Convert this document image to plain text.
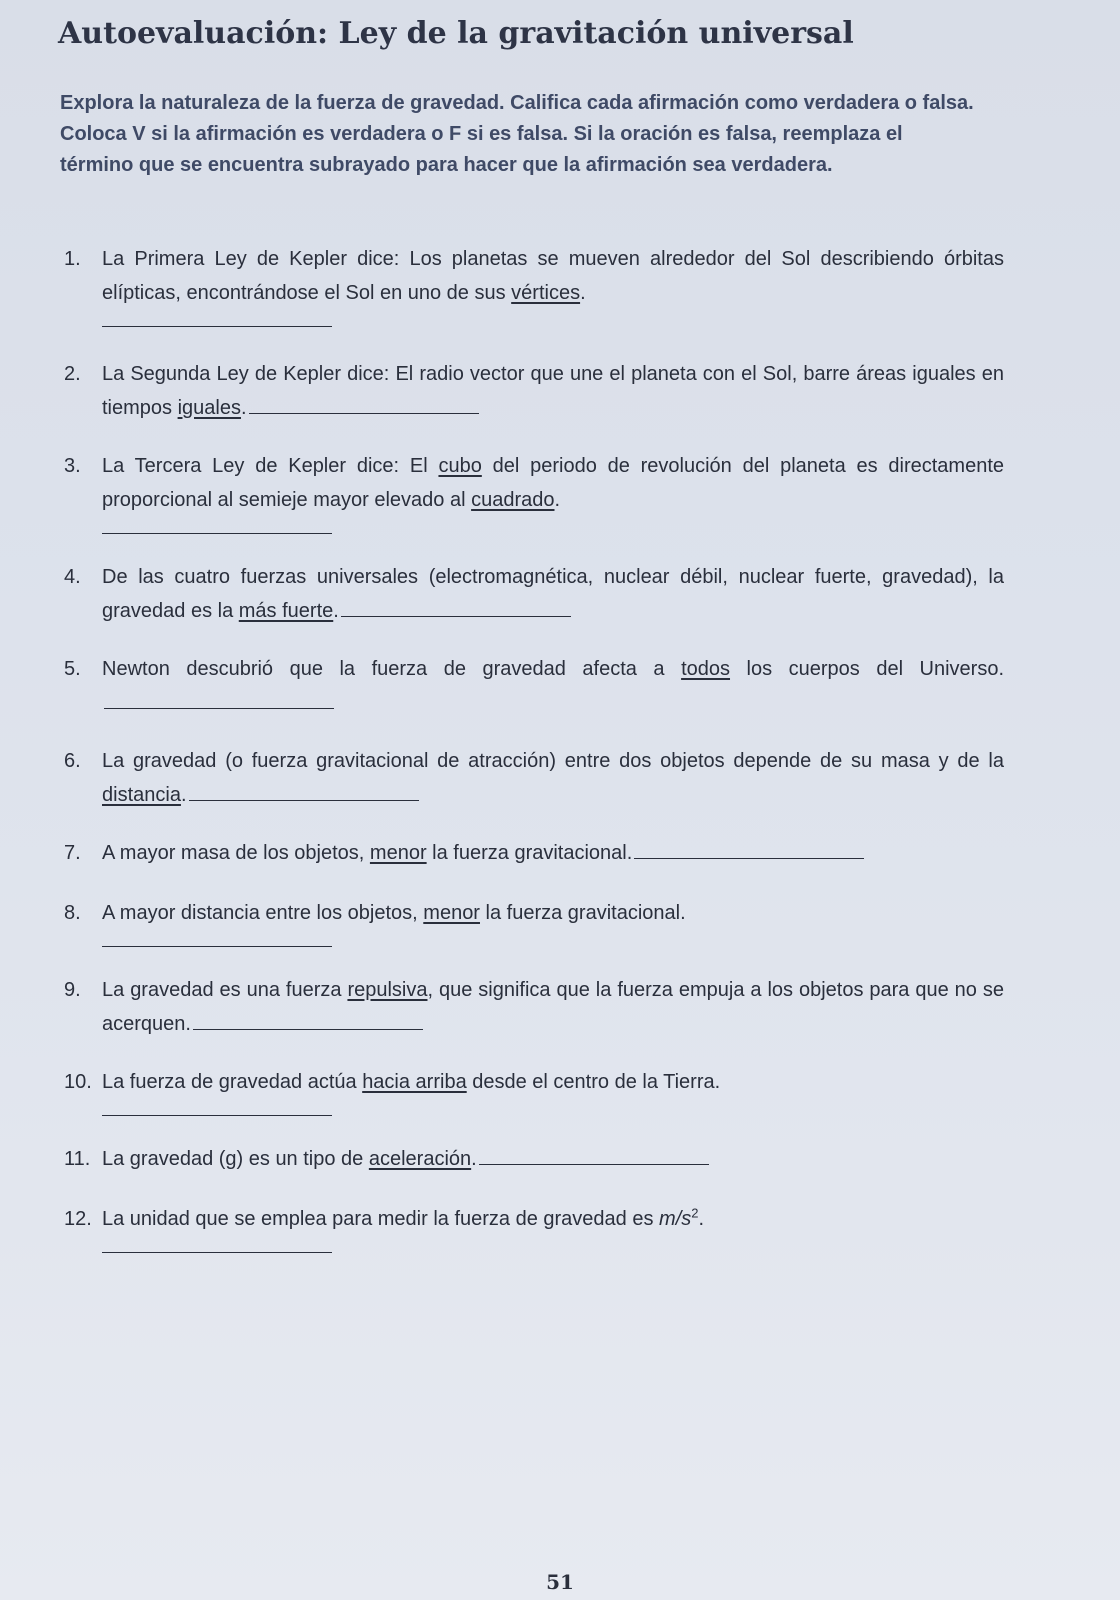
Autoevaluación: Ley de la gravitación universal

Explora la naturaleza de la fuerza de gravedad. Califica cada afirmación como verdadera o falsa. Coloca V si la afirmación es verdadera o F si es falsa. Si la oración es falsa, reemplaza el término que se encuentra subrayado para hacer que la afirmación sea verdadera.

1.	La Primera Ley de Kepler dice: Los planetas se mueven alrededor del Sol describiendo órbitas elípticas, encontrándose el Sol en uno de sus vértices.
2.	La Segunda Ley de Kepler dice: El radio vector que une el planeta con el Sol, barre áreas iguales en tiempos iguales.
3.	La Tercera Ley de Kepler dice: El cubo del periodo de revolución del planeta es directamente proporcional al semieje mayor elevado al cuadrado.
4.	De las cuatro fuerzas universales (electromagnética, nuclear débil, nuclear fuerte, gravedad), la gravedad es la más fuerte.
5.	Newton descubrió que la fuerza de gravedad afecta a todos los cuerpos del Universo.
6.	La gravedad (o fuerza gravitacional de atracción) entre dos objetos depende de su masa y de la distancia.
7.	A mayor masa de los objetos, menor la fuerza gravitacional.
8.	A mayor distancia entre los objetos, menor la fuerza gravitacional.
9.	La gravedad es una fuerza repulsiva, que significa que la fuerza empuja a los objetos para que no se acerquen.
10. La fuerza de gravedad actúa hacia arriba desde el centro de la Tierra.
11. La gravedad (g) es un tipo de aceleración.
12. La unidad que se emplea para medir la fuerza de gravedad es $m/s^2$.
51
